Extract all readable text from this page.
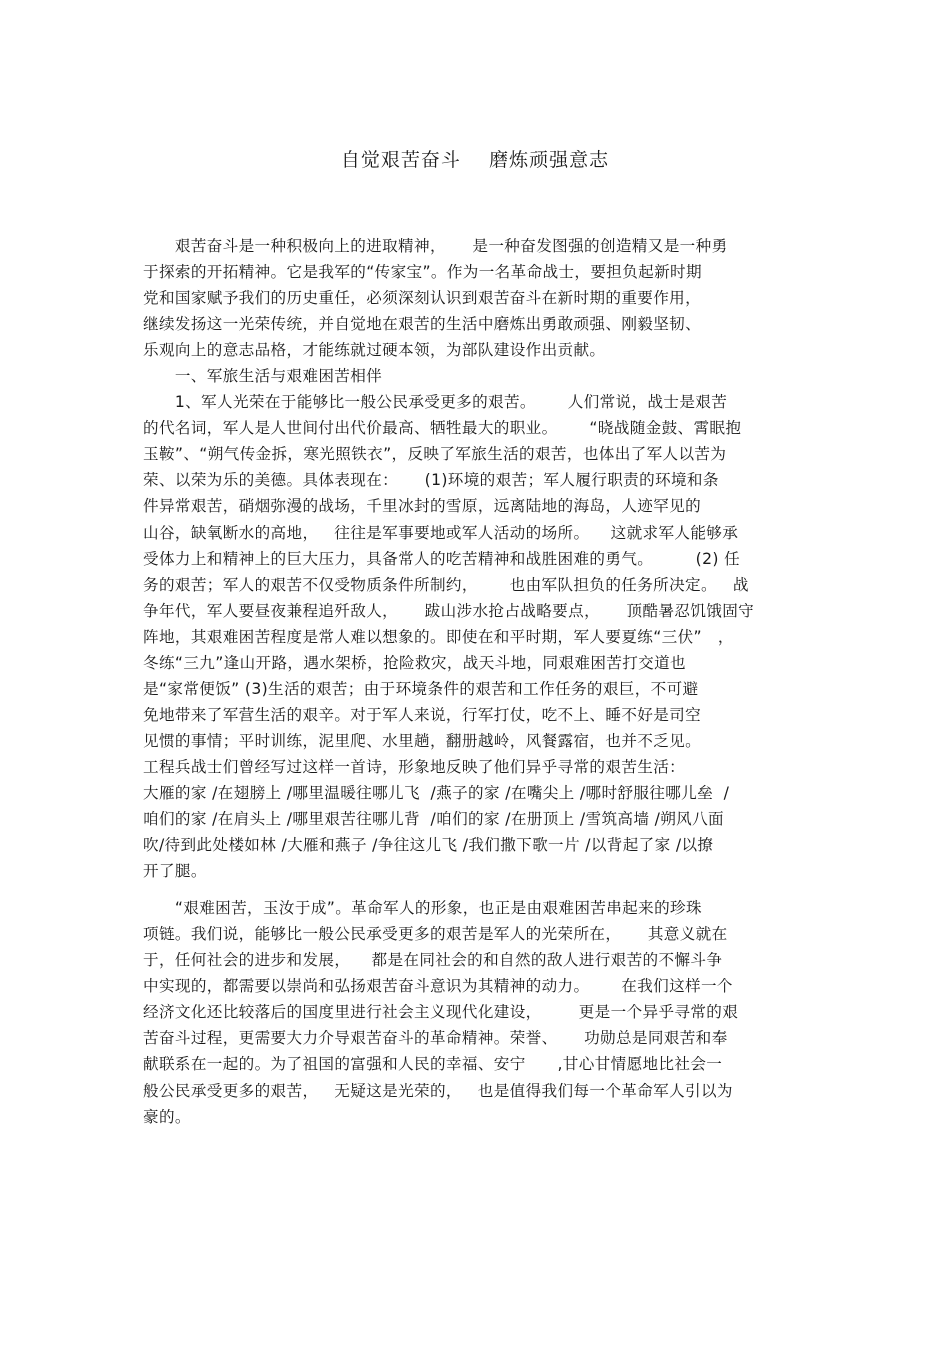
自觉艰苦奋斗    磨炼顽强意志
艰苦奋斗是一种积极向上的进取精神，     是一种奋发图强的创造精又是一种勇
于探索的开拓精神。它是我军的“传家宝”。作为一名革命战士，要担负起新时期
党和国家赋予我们的历史重任，必须深刻认识到艰苦奋斗在新时期的重要作用，
继续发扬这一光荣传统，并自觉地在艰苦的生活中磨炼出勇敢顽强、刚毅坚韧、
乐观向上的意志品格，才能练就过硬本领，为部队建设作出贡献。
一、军旅生活与艰难困苦相伴
1、军人光荣在于能够比一般公民承受更多的艰苦。      人们常说，战士是艰苦
的代名词，军人是人世间付出代价最高、牺牲最大的职业。      “晓战随金鼓、霄眠抱
玉鞍”、“朔气传金拆，寒光照铁衣”，反映了军旅生活的艰苦，也体出了军人以苦为
荣、以荣为乐的美德。具体表现在：     (1)环境的艰苦；军人履行职责的环境和条
件异常艰苦，硝烟弥漫的战场，千里冰封的雪原，远离陆地的海岛，人迹罕见的
山谷，缺氧断水的高地，   往往是军事要地或军人活动的场所。    这就求军人能够承
受体力上和精神上的巨大压力，具备常人的吃苦精神和战胜困难的勇气。        (2) 任
务的艰苦；军人的艰苦不仅受物质条件所制约，      也由军队担负的任务所决定。   战
争年代，军人要昼夜兼程追歼敌人，     跋山涉水抢占战略要点，     顶酷暑忍饥饿固守
阵地，其艰难困苦程度是常人难以想象的。即使在和平时期，军人要夏练“三伏”   ，
冬练“三九”逢山开路，遇水架桥，抢险救灾，战天斗地，同艰难困苦打交道也
是“家常便饭” (3)生活的艰苦；由于环境条件的艰苦和工作任务的艰巨，不可避
免地带来了军营生活的艰辛。对于军人来说，行军打仗，吃不上、睡不好是司空
见惯的事情；平时训练，泥里爬、水里趟，翻册越岭，风餐露宿，也并不乏见。
工程兵战士们曾经写过这样一首诗，形象地反映了他们异乎寻常的艰苦生活：
大雁的家 /在翅膀上 /哪里温暖往哪儿飞  /燕子的家 /在嘴尖上 /哪时舒服往哪儿垒  /
咱们的家 /在肩头上 /哪里艰苦往哪儿背  /咱们的家 /在册顶上 /雪筑高墙 /朔风八面
吹/待到此处楼如林 /大雁和燕子 /争往这儿飞 /我们撒下歌一片 /以背起了家 /以撩
开了腿。
“艰难困苦，玉汝于成”。革命军人的形象，也正是由艰难困苦串起来的珍珠
项链。我们说，能够比一般公民承受更多的艰苦是军人的光荣所在，     其意义就在
于，任何社会的进步和发展，    都是在同社会的和自然的敌人进行艰苦的不懈斗争
中实现的，都需要以崇尚和弘扬艰苦奋斗意识为其精神的动力。      在我们这样一个
经济文化还比较落后的国度里进行社会主义现代化建设，       更是一个异乎寻常的艰
苦奋斗过程，更需要大力介导艰苦奋斗的革命精神。荣誉、     功勋总是同艰苦和奉
献联系在一起的。为了祖国的富强和人民的幸福、安宁      ,甘心甘情愿地比社会一
般公民承受更多的艰苦，   无疑这是光荣的，   也是值得我们每一个革命军人引以为
豪的。
